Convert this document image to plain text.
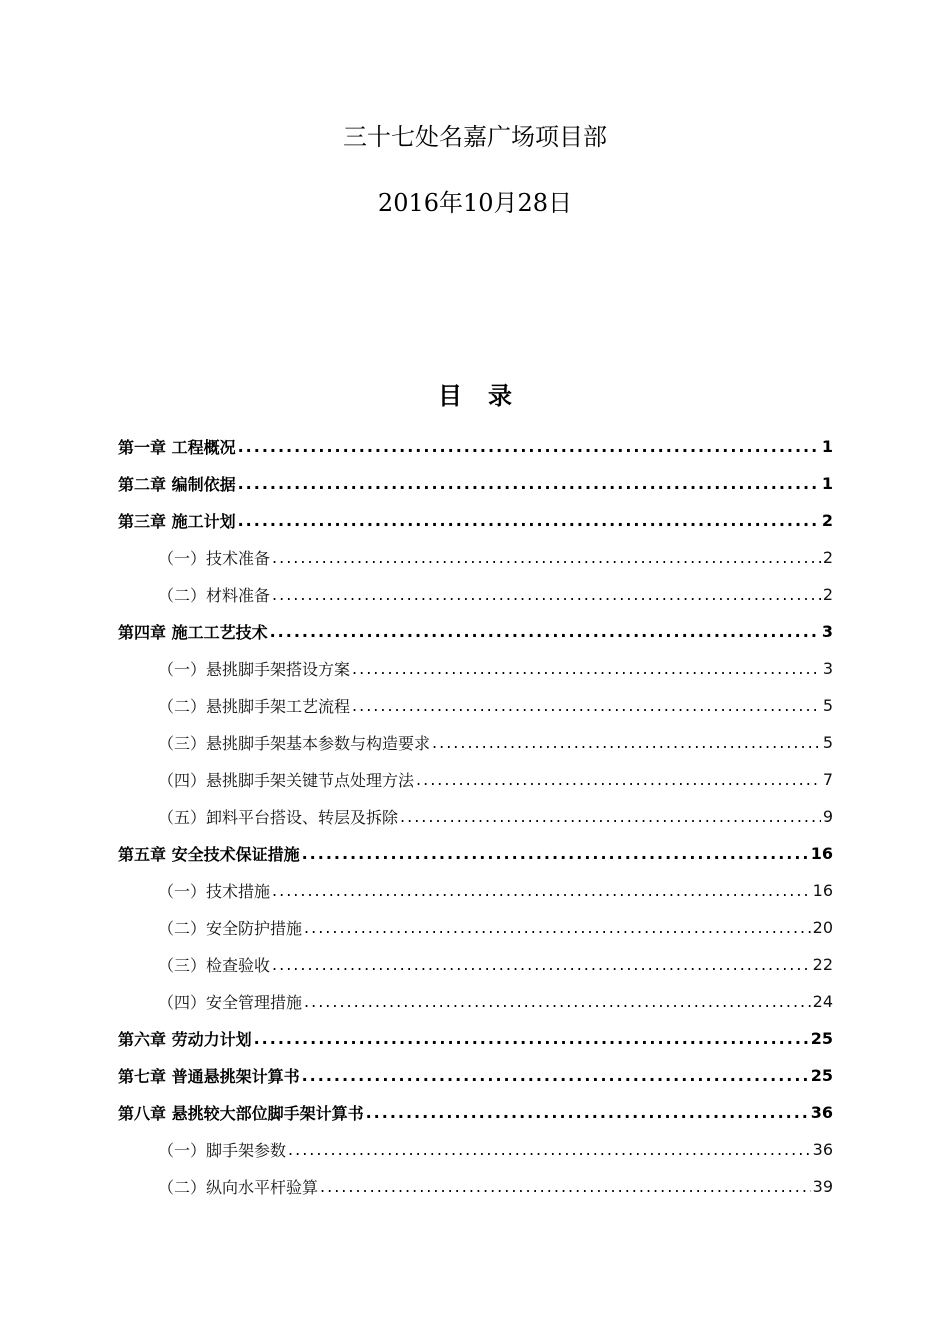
三十七处名嘉广场项目部
2016年10月28日
目录
第一章 工程概况 .....	1
第二章 编制依据 .....	1
第三章 施工计划 .....	2
（一）技术准备 .....	2
（二）材料准备 .....	2
第四章 施工工艺技术 .....	3
（一）悬挑脚手架搭设方案 .....	3
（二）悬挑脚手架工艺流程 .....	5
（三）悬挑脚手架基本参数与构造要求 .....	5
（四）悬挑脚手架关键节点处理方法 .....	7
（五）卸料平台搭设、转层及拆除 .....	9
第五章 安全技术保证措施 .....	16
（一）技术措施 .....	16
（二）安全防护措施 .....	20
（三）检查验收 .....	22
（四）安全管理措施 .....	24
第六章 劳动力计划 .....	25
第七章 普通悬挑架计算书 .....	25
第八章 悬挑较大部位脚手架计算书 .....	36
（一）脚手架参数 .....	36
（二）纵向水平杆验算 .....	39
